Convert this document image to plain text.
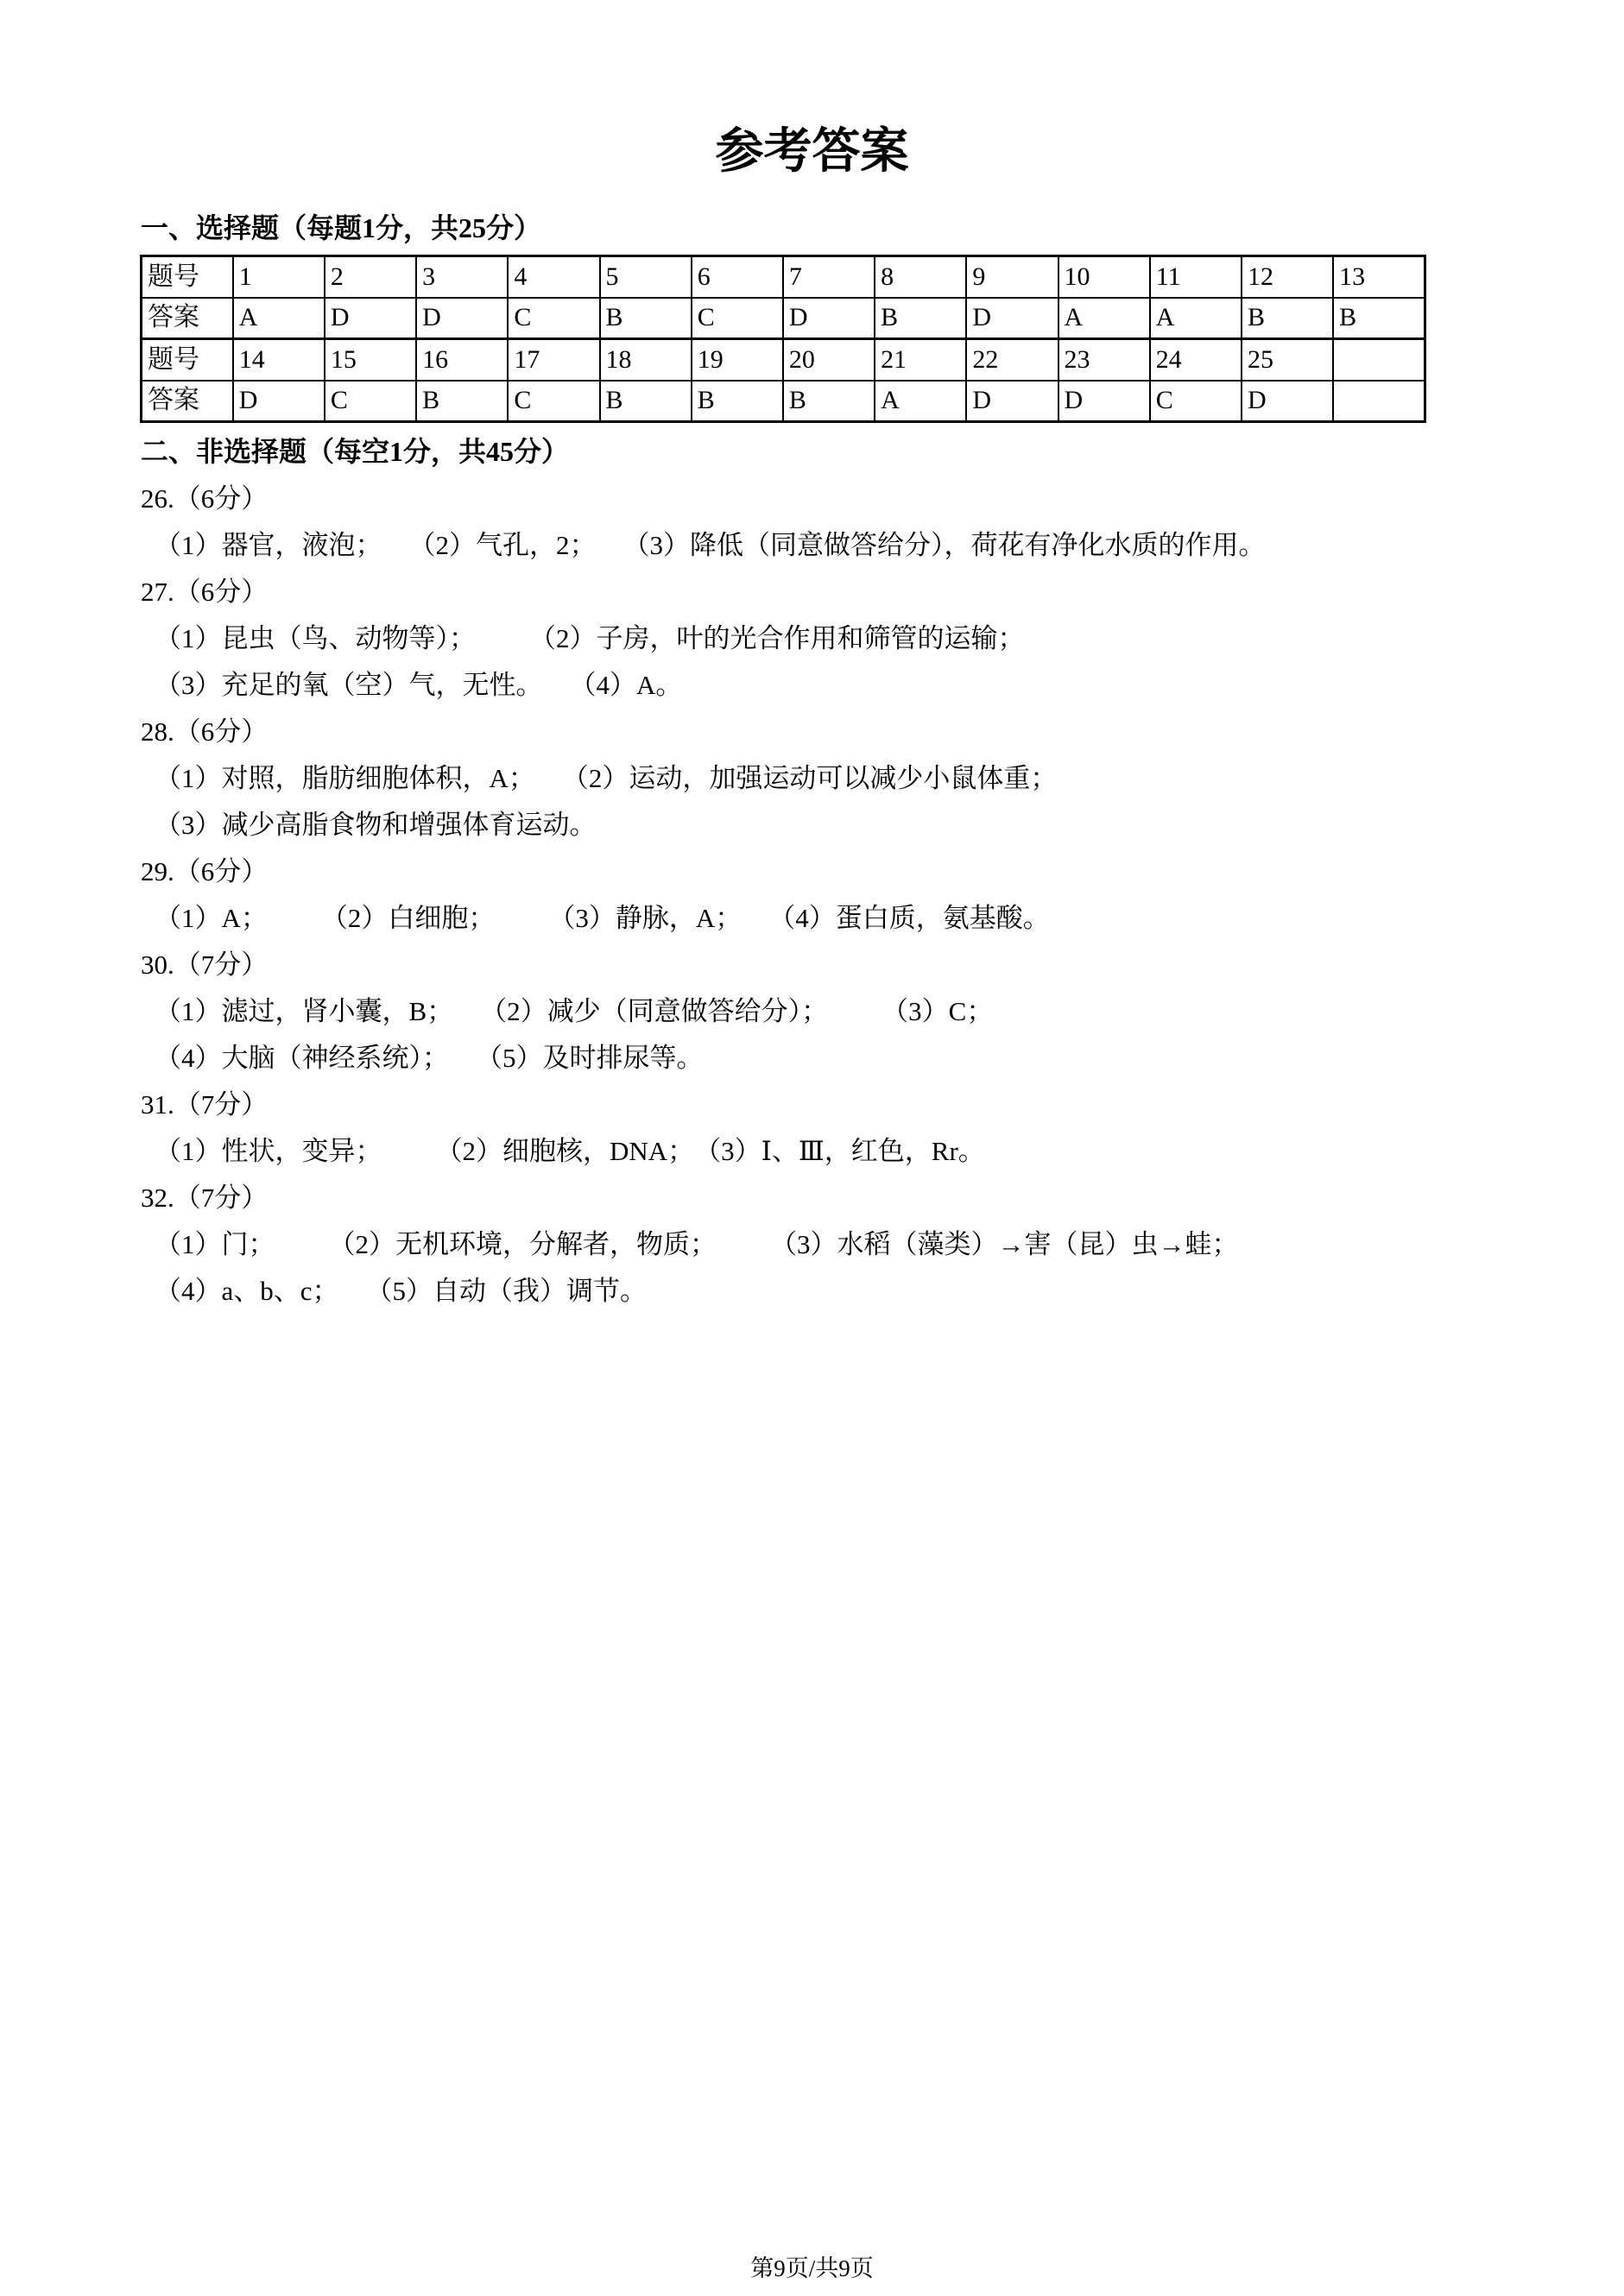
参考答案
一、选择题（每题1分，共25分）
题号	1	2	3	4	5	6	7	8	9	10	11	12	13
答案	A	D	D	C	B	C	D	B	D	A	A	B	B
题号	14	15	16	17	18	19	20	21	22	23	24	25	
答案	D	C	B	C	B	B	B	A	D	D	C	D	
二、非选择题（每空1分，共45分）

26.（6分）

（1）器官，液泡；　　（2）气孔，2；　　（3）降低（同意做答给分），荷花有净化水质的作用。

27.（6分）

（1）昆虫（鸟、动物等）；　　　（2）子房，叶的光合作用和筛管的运输；

（3）充足的氧（空）气，无性。　　（4）A。

28.（6分）

（1）对照，脂肪细胞体积，A；　　（2）运动，加强运动可以减少小鼠体重；

（3）减少高脂食物和增强体育运动。

29.（6分）

（1）A；　　　（2）白细胞；　　　（3）静脉，A；　　（4）蛋白质，氨基酸。

30.（7分）

（1）滤过，肾小囊，B；　　（2）减少（同意做答给分）；　　　（3）C；

（4）大脑（神经系统）；　　（5）及时排尿等。

31.（7分）

（1）性状，变异；　　　（2）细胞核，DNA；　（3）Ⅰ、Ⅲ，红色，Rr。

32.（7分）

（1）门；　　　（2）无机环境，分解者，物质；　　　（3）水稻（藻类）→害（昆）虫→蛙；

（4）a、b、c；　　（5）自动（我）调节。

第9页/共9页
